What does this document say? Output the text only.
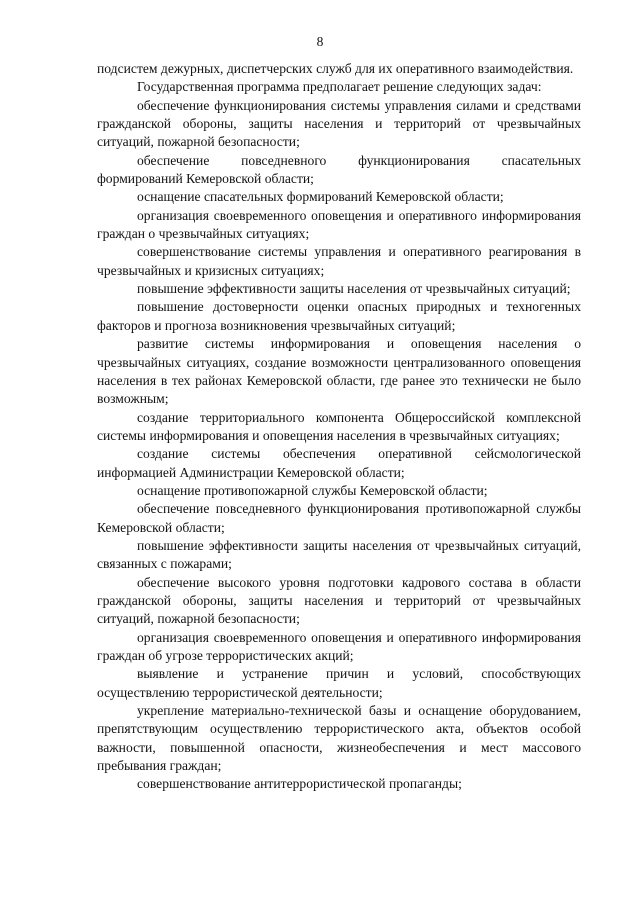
8

подсистем дежурных, диспетчерских служб для их оперативного взаимодействия.

Государственная программа предполагает решение следующих задач:

обеспечение функционирования системы управления силами и средствами гражданской обороны, защиты населения и территорий от чрезвычайных ситуаций, пожарной безопасности;

обеспечение повседневного функционирования спасательных формирований Кемеровской области;

оснащение спасательных формирований Кемеровской области;

организация своевременного оповещения и оперативного информирования граждан о чрезвычайных ситуациях;

совершенствование системы управления и оперативного реагирования в чрезвычайных и кризисных ситуациях;

повышение эффективности защиты населения от чрезвычайных ситуаций;

повышение достоверности оценки опасных природных и техногенных факторов и прогноза возникновения чрезвычайных ситуаций;

развитие системы информирования и оповещения населения о чрезвычайных ситуациях, создание возможности централизованного оповещения населения в тех районах Кемеровской области, где ранее это технически не было возможным;

создание территориального компонента Общероссийской комплексной системы информирования и оповещения населения в чрезвычайных ситуациях;

создание системы обеспечения оперативной сейсмологической информацией Администрации Кемеровской области;

оснащение противопожарной службы Кемеровской области;

обеспечение повседневного функционирования противопожарной службы Кемеровской области;

повышение эффективности защиты населения от чрезвычайных ситуаций, связанных с пожарами;

обеспечение высокого уровня подготовки кадрового состава в области гражданской обороны, защиты населения и территорий от чрезвычайных ситуаций, пожарной безопасности;

организация своевременного оповещения и оперативного информирования граждан об угрозе террористических акций;

выявление и устранение причин и условий, способствующих осуществлению террористической деятельности;

укрепление материально-технической базы и оснащение оборудованием, препятствующим осуществлению террористического акта, объектов особой важности, повышенной опасности, жизнеобеспечения и мест массового пребывания граждан;

совершенствование антитеррористической пропаганды;
